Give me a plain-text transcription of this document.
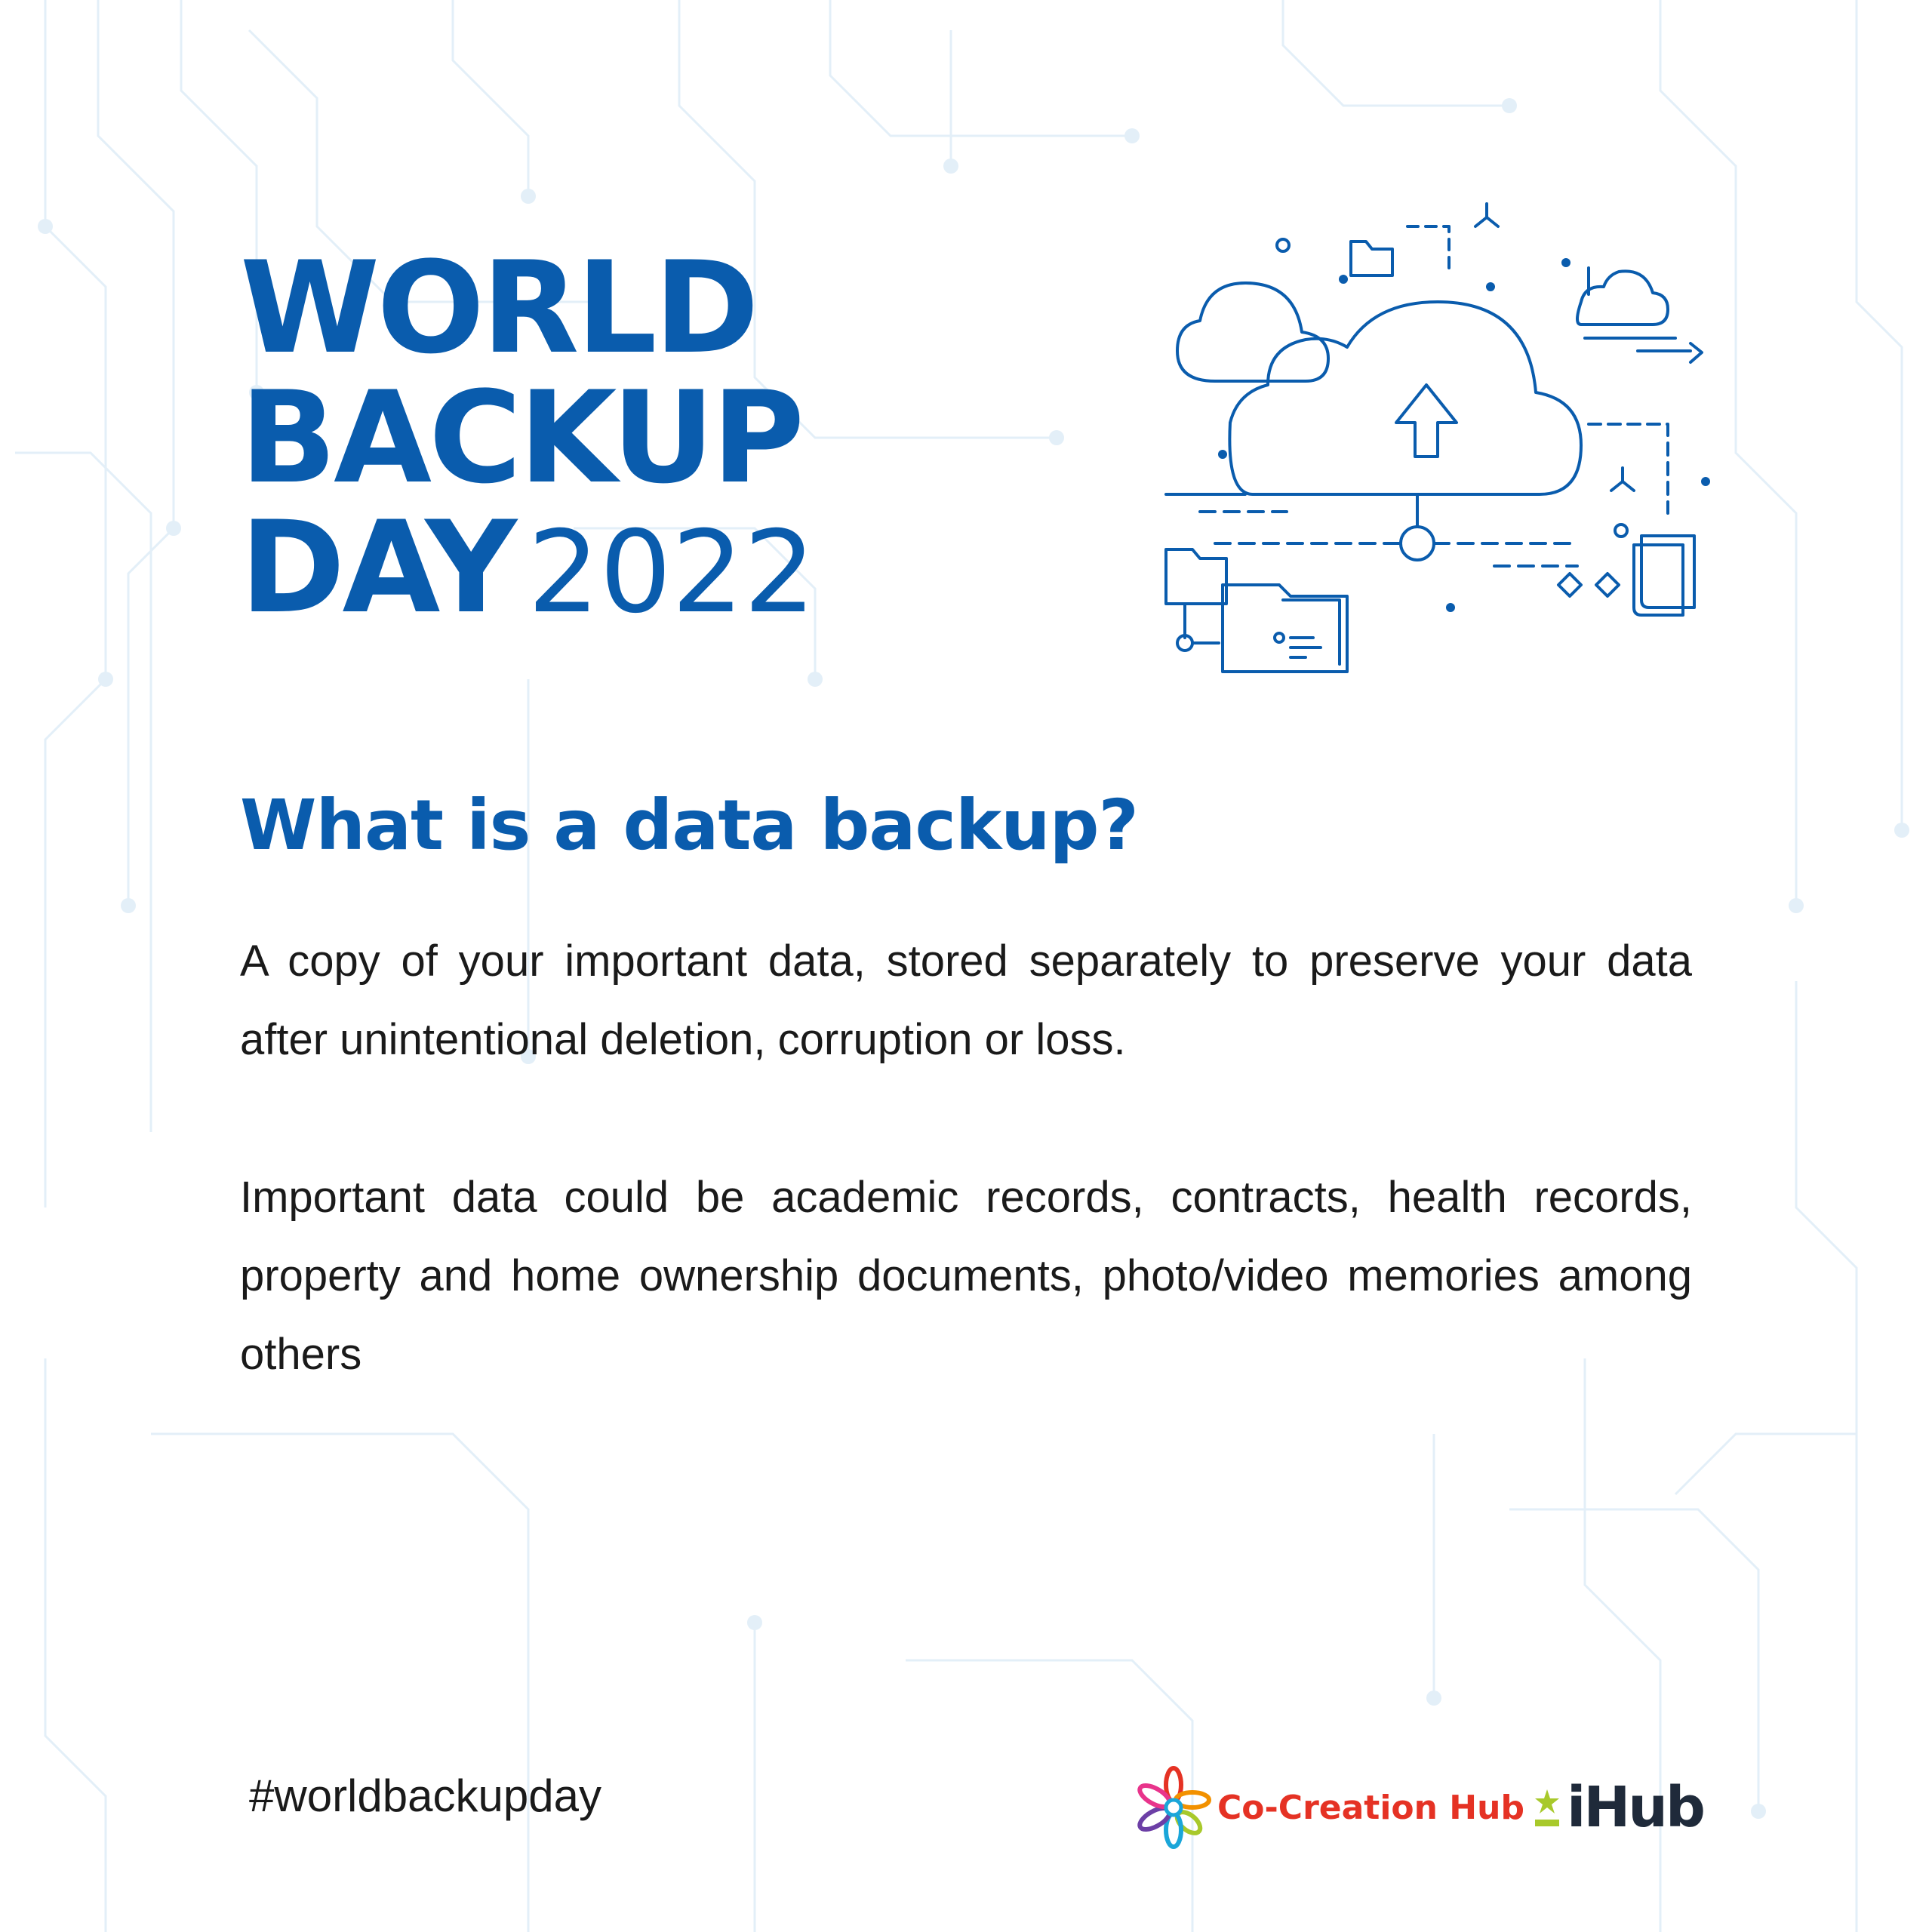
WORLD
BACKUP
DAY 2022
What is a data backup?

A copy of your important data, stored separately to preserve your data after unintentional deletion, corruption or loss.

Important data could be academic records, contracts, health records, property and home ownership documents, photo/video memories among others

#worldbackupday	Co-Creation Hub iHub
